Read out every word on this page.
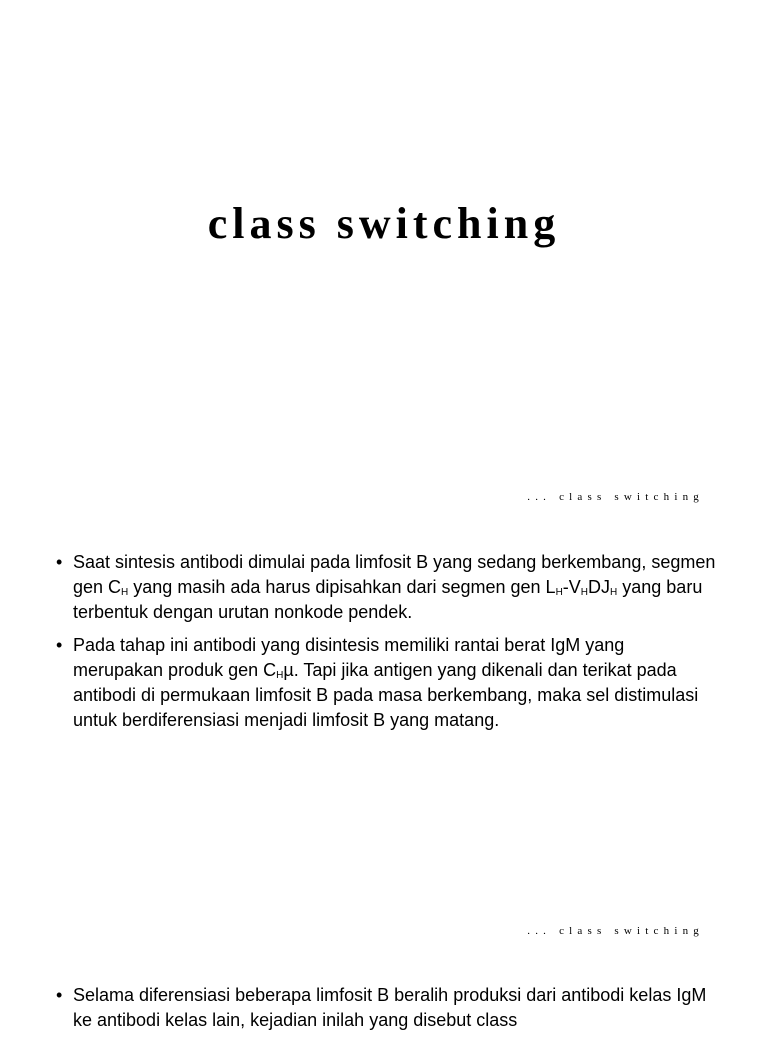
class switching
... class switching
• Saat sintesis antibodi dimulai pada limfosit B yang sedang berkembang, segmen gen $C_H$ yang masih ada harus dipisahkan dari segmen gen $L_H-V_HDJ_H$ yang baru terbentuk dengan urutan nonkode pendek.
• Pada tahap ini antibodi yang disintesis memiliki rantai berat IgM yang merupakan produk gen $C_H\mu$. Tapi jika antigen yang dikenali dan terikat pada antibodi di permukaan limfosit B pada masa berkembang, maka sel distimulasi untuk berdiferensiasi menjadi limfosit B yang matang.
... class switching
• Selama diferensiasi beberapa limfosit B beralih produksi dari antibodi kelas IgM ke antibodi kelas lain, kejadian inilah yang disebut class
